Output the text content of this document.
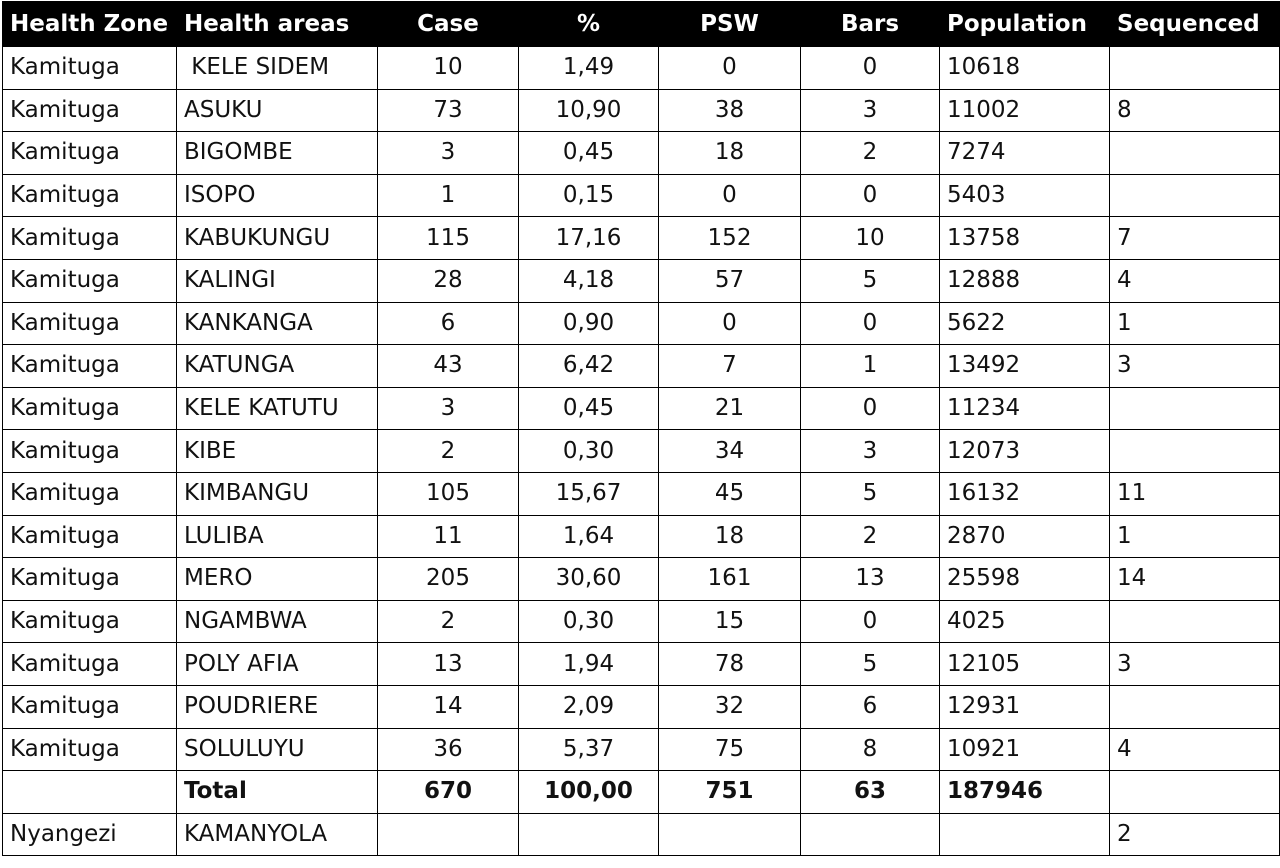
Health Zone	Health areas	Case	%	PSW	Bars	Population	Sequenced
Kamituga	KELE SIDEM	10	1,49	0	0	10618	
Kamituga	ASUKU	73	10,90	38	3	11002	8
Kamituga	BIGOMBE	3	0,45	18	2	7274	
Kamituga	ISOPO	1	0,15	0	0	5403	
Kamituga	KABUKUNGU	115	17,16	152	10	13758	7
Kamituga	KALINGI	28	4,18	57	5	12888	4
Kamituga	KANKANGA	6	0,90	0	0	5622	1
Kamituga	KATUNGA	43	6,42	7	1	13492	3
Kamituga	KELE KATUTU	3	0,45	21	0	11234	
Kamituga	KIBE	2	0,30	34	3	12073	
Kamituga	KIMBANGU	105	15,67	45	5	16132	11
Kamituga	LULIBA	11	1,64	18	2	2870	1
Kamituga	MERO	205	30,60	161	13	25598	14
Kamituga	NGAMBWA	2	0,30	15	0	4025	
Kamituga	POLY AFIA	13	1,94	78	5	12105	3
Kamituga	POUDRIERE	14	2,09	32	6	12931	
Kamituga	SOLULUYU	36	5,37	75	8	10921	4
	Total	670	100,00	751	63	187946	
Nyangezi	KAMANYOLA						2
